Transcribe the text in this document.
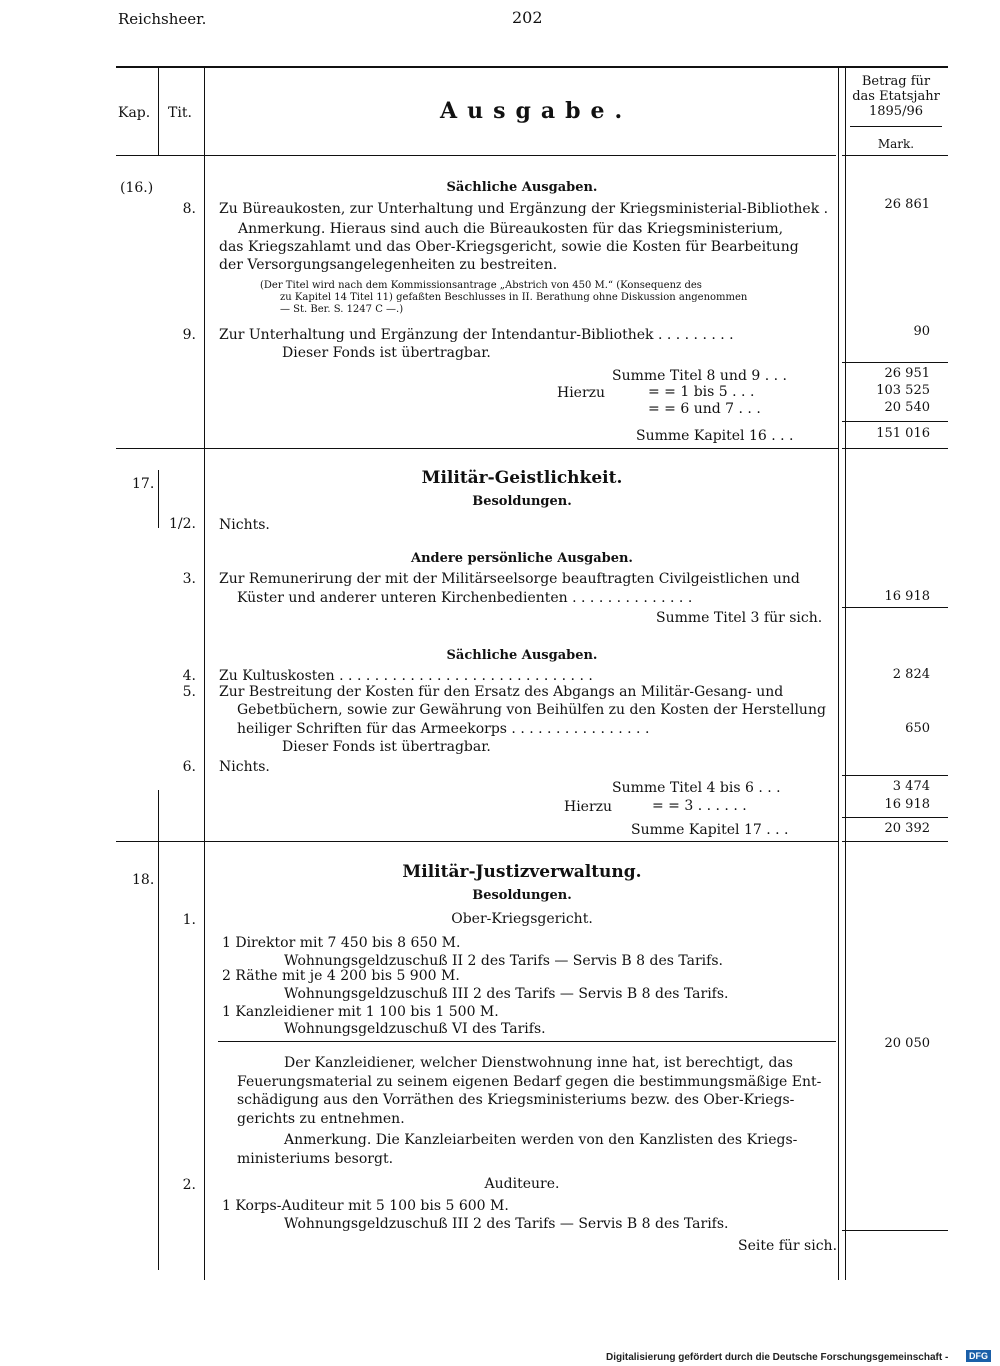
Reichsheer.	202
Kap. Tit.	Ausgabe.
Betrag für
das Etatsjahr
1895/96
Mark.
(16.)	Sächliche Ausgaben.
8. Zu Büreaukosten, zur Unterhaltung und Ergänzung der Kriegsministerial-Bibliothek .	26 861
Anmerkung. Hieraus sind auch die Büreaukosten für das Kriegsministerium,
das Kriegszahlamt und das Ober-Kriegsgericht, sowie die Kosten für Bearbeitung
der Versorgungsangelegenheiten zu bestreiten.
(Der Titel wird nach dem Kommissionsantrage „Abstrich von 450 M.“ (Konsequenz des
zu Kapitel 14 Titel 11) gefaßten Beschlusses in II. Berathung ohne Diskussion angenommen
— St. Ber. S. 1247 C —.)
9. Zur Unterhaltung und Ergänzung der Intendantur-Bibliothek . . . . . . . . .	90
Dieser Fonds ist übertragbar.
Summe Titel 8 und 9 . . .	26 951
Hierzu	= = 1 bis 5 . . .	103 525
= = 6 und 7 . . .	20 540
Summe Kapitel 16 . . .	151 016
17.	Militär-Geistlichkeit.
Besoldungen.
1/2. Nichts.
Andere persönliche Ausgaben.
3. Zur Remunerirung der mit der Militärseelsorge beauftragten Civilgeistlichen und
Küster und anderer unteren Kirchenbedienten . . . . . . . . . . . . . .	16 918
Summe Titel 3 für sich.
Sächliche Ausgaben.
4. Zu Kultuskosten . . . . . . . . . . . . . . . . . . . . . . . . . . . . .	2 824
5. Zur Bestreitung der Kosten für den Ersatz des Abgangs an Militär-Gesang- und
Gebetbüchern, sowie zur Gewährung von Beihülfen zu den Kosten der Herstellung
heiliger Schriften für das Armeekorps . . . . . . . . . . . . . . . .	650
Dieser Fonds ist übertragbar.
6. Nichts.
Summe Titel 4 bis 6 . . .	3 474
Hierzu	= = 3 . . . . . .	16 918
Summe Kapitel 17 . . .	20 392
18.	Militär-Justizverwaltung.
Besoldungen.
1.	Ober-Kriegsgericht.
1 Direktor mit 7 450 bis 8 650 M.
Wohnungsgeldzuschuß II 2 des Tarifs — Servis B 8 des Tarifs.
2 Räthe mit je 4 200 bis 5 900 M.
Wohnungsgeldzuschuß III 2 des Tarifs — Servis B 8 des Tarifs.
1 Kanzleidiener mit 1 100 bis 1 500 M.
Wohnungsgeldzuschuß VI des Tarifs.
20 050
Der Kanzleidiener, welcher Dienstwohnung inne hat, ist berechtigt, das
Feuerungsmaterial zu seinem eigenen Bedarf gegen die bestimmungsmäßige Ent-
schädigung aus den Vorräthen des Kriegsministeriums bezw. des Ober-Kriegs-
gerichts zu entnehmen.
Anmerkung. Die Kanzleiarbeiten werden von den Kanzlisten des Kriegs-
ministeriums besorgt.
2.	Auditeure.
1 Korps-Auditeur mit 5 100 bis 5 600 M.
Wohnungsgeldzuschuß III 2 des Tarifs — Servis B 8 des Tarifs.
Seite für sich.
Digitalisierung gefördert durch die Deutsche Forschungsgemeinschaft -	DFG
